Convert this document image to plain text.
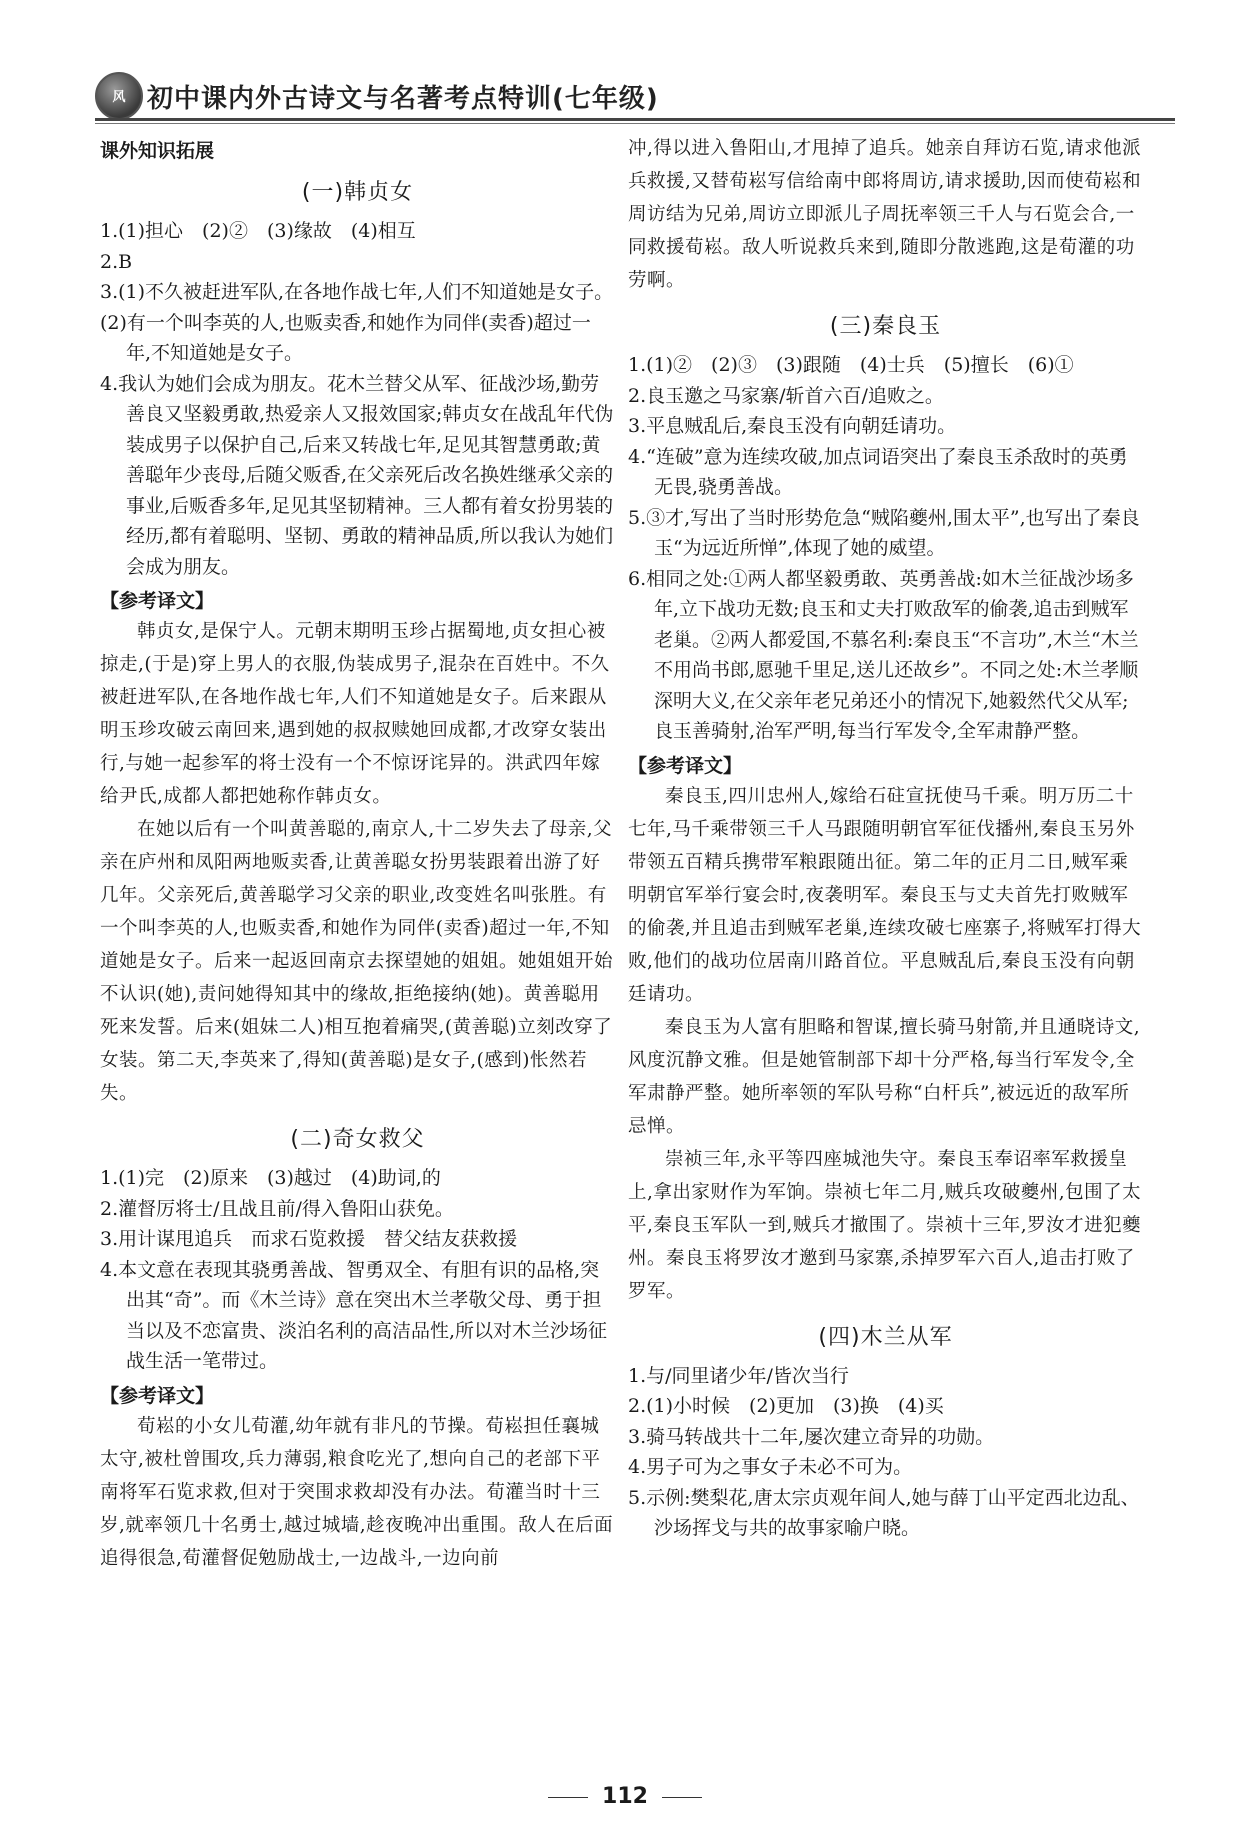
风 初中课内外古诗文与名著考点特训(七年级)
课外知识拓展
(一)韩贞女

1.(1)担心　(2)②　(3)缘故　(4)相互

2.B

3.(1)不久被赶进军队,在各地作战七年,人们不知道她是女子。

(2)有一个叫李英的人,也贩卖香,和她作为同伴(卖香)超过一年,不知道她是女子。

4.我认为她们会成为朋友。花木兰替父从军、征战沙场,勤劳善良又坚毅勇敢,热爱亲人又报效国家;韩贞女在战乱年代伪装成男子以保护自己,后来又转战七年,足见其智慧勇敢;黄善聪年少丧母,后随父贩香,在父亲死后改名换姓继承父亲的事业,后贩香多年,足见其坚韧精神。三人都有着女扮男装的经历,都有着聪明、坚韧、勇敢的精神品质,所以我认为她们会成为朋友。

【参考译文】

韩贞女,是保宁人。元朝末期明玉珍占据蜀地,贞女担心被掠走,(于是)穿上男人的衣服,伪装成男子,混杂在百姓中。不久被赶进军队,在各地作战七年,人们不知道她是女子。后来跟从明玉珍攻破云南回来,遇到她的叔叔赎她回成都,才改穿女装出行,与她一起参军的将士没有一个不惊讶诧异的。洪武四年嫁给尹氏,成都人都把她称作韩贞女。

在她以后有一个叫黄善聪的,南京人,十二岁失去了母亲,父亲在庐州和凤阳两地贩卖香,让黄善聪女扮男装跟着出游了好几年。父亲死后,黄善聪学习父亲的职业,改变姓名叫张胜。有一个叫李英的人,也贩卖香,和她作为同伴(卖香)超过一年,不知道她是女子。后来一起返回南京去探望她的姐姐。她姐姐开始不认识(她),责问她得知其中的缘故,拒绝接纳(她)。黄善聪用死来发誓。后来(姐妹二人)相互抱着痛哭,(黄善聪)立刻改穿了女装。第二天,李英来了,得知(黄善聪)是女子,(感到)怅然若失。

(二)奇女救父

1.(1)完　(2)原来　(3)越过　(4)助词,的

2.灌督厉将士/且战且前/得入鲁阳山获免。

3.用计谋甩追兵　而求石览救援　替父结友获救援

4.本文意在表现其骁勇善战、智勇双全、有胆有识的品格,突出其“奇”。而《木兰诗》意在突出木兰孝敬父母、勇于担当以及不恋富贵、淡泊名利的高洁品性,所以对木兰沙场征战生活一笔带过。

【参考译文】

荀崧的小女儿荀灌,幼年就有非凡的节操。荀崧担任襄城太守,被杜曾围攻,兵力薄弱,粮食吃光了,想向自己的老部下平南将军石览求救,但对于突围求救却没有办法。荀灌当时十三岁,就率领几十名勇士,越过城墙,趁夜晚冲出重围。敌人在后面追得很急,荀灌督促勉励战士,一边战斗,一边向前

冲,得以进入鲁阳山,才甩掉了追兵。她亲自拜访石览,请求他派兵救援,又替荀崧写信给南中郎将周访,请求援助,因而使荀崧和周访结为兄弟,周访立即派儿子周抚率领三千人与石览会合,一同救援荀崧。敌人听说救兵来到,随即分散逃跑,这是荀灌的功劳啊。

(三)秦良玉

1.(1)②　(2)③　(3)跟随　(4)士兵　(5)擅长　(6)①

2.良玉邀之马家寨/斩首六百/追败之。

3.平息贼乱后,秦良玉没有向朝廷请功。

4.“连破”意为连续攻破,加点词语突出了秦良玉杀敌时的英勇无畏,骁勇善战。

5.③才,写出了当时形势危急“贼陷夔州,围太平”,也写出了秦良玉“为远近所惮”,体现了她的威望。

6.相同之处:①两人都坚毅勇敢、英勇善战:如木兰征战沙场多年,立下战功无数;良玉和丈夫打败敌军的偷袭,追击到贼军老巢。②两人都爱国,不慕名利:秦良玉“不言功”,木兰“木兰不用尚书郎,愿驰千里足,送儿还故乡”。不同之处:木兰孝顺深明大义,在父亲年老兄弟还小的情况下,她毅然代父从军;良玉善骑射,治军严明,每当行军发令,全军肃静严整。

【参考译文】

秦良玉,四川忠州人,嫁给石砫宣抚使马千乘。明万历二十七年,马千乘带领三千人马跟随明朝官军征伐播州,秦良玉另外带领五百精兵携带军粮跟随出征。第二年的正月二日,贼军乘明朝官军举行宴会时,夜袭明军。秦良玉与丈夫首先打败贼军的偷袭,并且追击到贼军老巢,连续攻破七座寨子,将贼军打得大败,他们的战功位居南川路首位。平息贼乱后,秦良玉没有向朝廷请功。

秦良玉为人富有胆略和智谋,擅长骑马射箭,并且通晓诗文,风度沉静文雅。但是她管制部下却十分严格,每当行军发令,全军肃静严整。她所率领的军队号称“白杆兵”,被远近的敌军所忌惮。

崇祯三年,永平等四座城池失守。秦良玉奉诏率军救援皇上,拿出家财作为军饷。崇祯七年二月,贼兵攻破夔州,包围了太平,秦良玉军队一到,贼兵才撤围了。崇祯十三年,罗汝才进犯夔州。秦良玉将罗汝才邀到马家寨,杀掉罗军六百人,追击打败了罗军。

(四)木兰从军

1.与/同里诸少年/皆次当行

2.(1)小时候　(2)更加　(3)换　(4)买

3.骑马转战共十二年,屡次建立奇异的功勋。

4.男子可为之事女子未必不可为。

5.示例:樊梨花,唐太宗贞观年间人,她与薛丁山平定西北边乱、沙场挥戈与共的故事家喻户晓。

112
